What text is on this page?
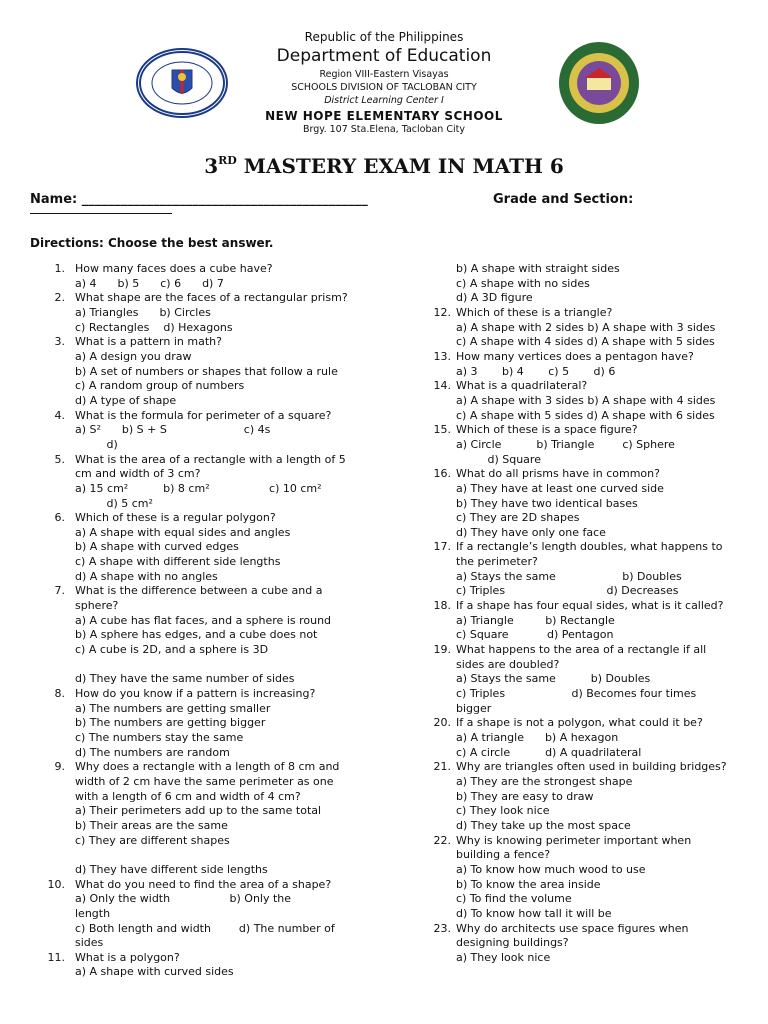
Republic of the Philippines
Department of Education
Region VIII-Eastern Visayas
SCHOOLS DIVISION OF TACLOBAN CITY
District Learning Center I
NEW HOPE ELEMENTARY SCHOOL
Brgy. 107 Sta.Elena, Tacloban City
3RD MASTERY EXAM IN MATH 6
Name: ____________________________________________	Grade and Section:
Directions: Choose the best answer.
1. How many faces does a cube have?
a) 4      b) 5      c) 6      d) 7
2. What shape are the faces of a rectangular prism?
a) Triangles      b) Circles
c) Rectangles    d) Hexagons
3. What is a pattern in math?
a) A design you draw
b) A set of numbers or shapes that follow a rule
c) A random group of numbers
d) A type of shape
4. What is the formula for perimeter of a square?
a) S²      b) S + S                      c) 4s
d)
5. What is the area of a rectangle with a length of 5
cm and width of 3 cm?
a) 15 cm²          b) 8 cm²                 c) 10 cm²
d) 5 cm²
6. Which of these is a regular polygon?
a) A shape with equal sides and angles
b) A shape with curved edges
c) A shape with different side lengths
d) A shape with no angles
7. What is the difference between a cube and a
sphere?
a) A cube has flat faces, and a sphere is round
b) A sphere has edges, and a cube does not
c) A cube is 2D, and a sphere is 3D
d) They have the same number of sides
8. How do you know if a pattern is increasing?
a) The numbers are getting smaller
b) The numbers are getting bigger
c) The numbers stay the same
d) The numbers are random
9. Why does a rectangle with a length of 8 cm and
width of 2 cm have the same perimeter as one
with a length of 6 cm and width of 4 cm?
a) Their perimeters add up to the same total
b) Their areas are the same
c) They are different shapes
d) They have different side lengths
10. What do you need to find the area of a shape?
a) Only the width                 b) Only the
length
c) Both length and width        d) The number of
sides
11. What is a polygon?
a) A shape with curved sides
b) A shape with straight sides
c) A shape with no sides
d) A 3D figure
12. Which of these is a triangle?
a) A shape with 2 sides b) A shape with 3 sides
c) A shape with 4 sides d) A shape with 5 sides
13. How many vertices does a pentagon have?
a) 3       b) 4       c) 5       d) 6
14. What is a quadrilateral?
a) A shape with 3 sides b) A shape with 4 sides
c) A shape with 5 sides d) A shape with 6 sides
15. Which of these is a space figure?
a) Circle          b) Triangle        c) Sphere
d) Square
16. What do all prisms have in common?
a) They have at least one curved side
b) They have two identical bases
c) They are 2D shapes
d) They have only one face
17. If a rectangle’s length doubles, what happens to
the perimeter?
a) Stays the same                   b) Doubles
c) Triples                             d) Decreases
18. If a shape has four equal sides, what is it called?
a) Triangle         b) Rectangle
c) Square           d) Pentagon
19. What happens to the area of a rectangle if all
sides are doubled?
a) Stays the same          b) Doubles
c) Triples                   d) Becomes four times
bigger
20. If a shape is not a polygon, what could it be?
a) A triangle      b) A hexagon
c) A circle          d) A quadrilateral
21. Why are triangles often used in building bridges?
a) They are the strongest shape
b) They are easy to draw
c) They look nice
d) They take up the most space
22. Why is knowing perimeter important when
building a fence?
a) To know how much wood to use
b) To know the area inside
c) To find the volume
d) To know how tall it will be
23. Why do architects use space figures when
designing buildings?
a) They look nice
